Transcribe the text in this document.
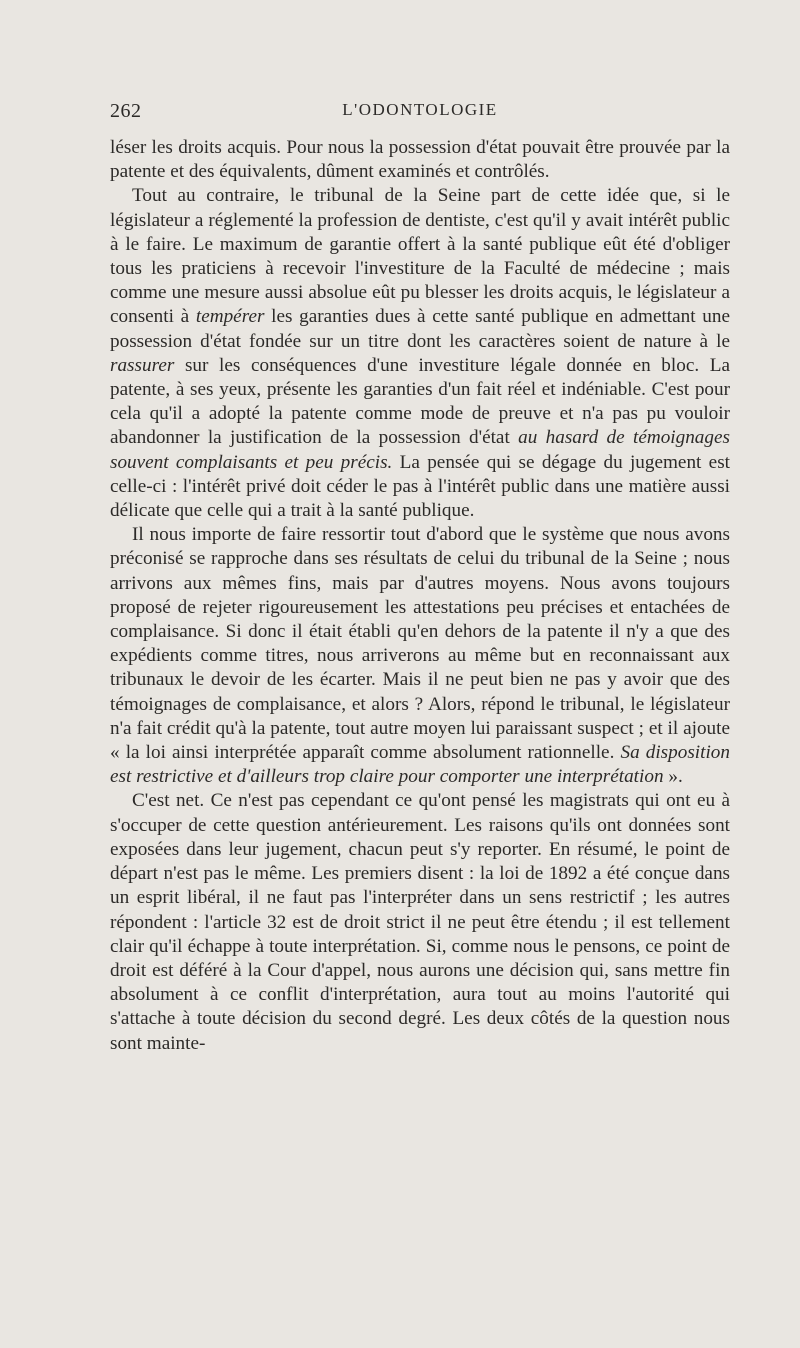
262	L'ODONTOLOGIE

léser les droits acquis. Pour nous la possession d'état pouvait être prouvée par la patente et des équivalents, dûment examinés et contrôlés.

Tout au contraire, le tribunal de la Seine part de cette idée que, si le législateur a réglementé la profession de dentiste, c'est qu'il y avait intérêt public à le faire. Le maximum de garantie offert à la santé publique eût été d'obliger tous les praticiens à recevoir l'investiture de la Faculté de médecine ; mais comme une mesure aussi absolue eût pu blesser les droits acquis, le législateur a consenti à tempérer les garanties dues à cette santé publique en admettant une possession d'état fondée sur un titre dont les caractères soient de nature à le rassurer sur les conséquences d'une investiture légale donnée en bloc. La patente, à ses yeux, présente les garanties d'un fait réel et indéniable. C'est pour cela qu'il a adopté la patente comme mode de preuve et n'a pas pu vouloir abandonner la justification de la possession d'état au hasard de témoignages souvent complaisants et peu précis. La pensée qui se dégage du jugement est celle-ci : l'intérêt privé doit céder le pas à l'intérêt public dans une matière aussi délicate que celle qui a trait à la santé publique.

Il nous importe de faire ressortir tout d'abord que le système que nous avons préconisé se rapproche dans ses résultats de celui du tribunal de la Seine ; nous arrivons aux mêmes fins, mais par d'autres moyens. Nous avons toujours proposé de rejeter rigoureusement les attestations peu précises et entachées de complaisance. Si donc il était établi qu'en dehors de la patente il n'y a que des expédients comme titres, nous arriverons au même but en reconnaissant aux tribunaux le devoir de les écarter. Mais il ne peut bien ne pas y avoir que des témoignages de complaisance, et alors ? Alors, répond le tribunal, le législateur n'a fait crédit qu'à la patente, tout autre moyen lui paraissant suspect ; et il ajoute « la loi ainsi interprétée apparaît comme absolument rationnelle. Sa disposition est restrictive et d'ailleurs trop claire pour comporter une interprétation ».

C'est net. Ce n'est pas cependant ce qu'ont pensé les magistrats qui ont eu à s'occuper de cette question antérieurement. Les raisons qu'ils ont données sont exposées dans leur jugement, chacun peut s'y reporter. En résumé, le point de départ n'est pas le même. Les premiers disent : la loi de 1892 a été conçue dans un esprit libéral, il ne faut pas l'interpréter dans un sens restrictif ; les autres répondent : l'article 32 est de droit strict il ne peut être étendu ; il est tellement clair qu'il échappe à toute interprétation. Si, comme nous le pensons, ce point de droit est déféré à la Cour d'appel, nous aurons une décision qui, sans mettre fin absolument à ce conflit d'interprétation, aura tout au moins l'autorité qui s'attache à toute décision du second degré. Les deux côtés de la question nous sont mainte-
